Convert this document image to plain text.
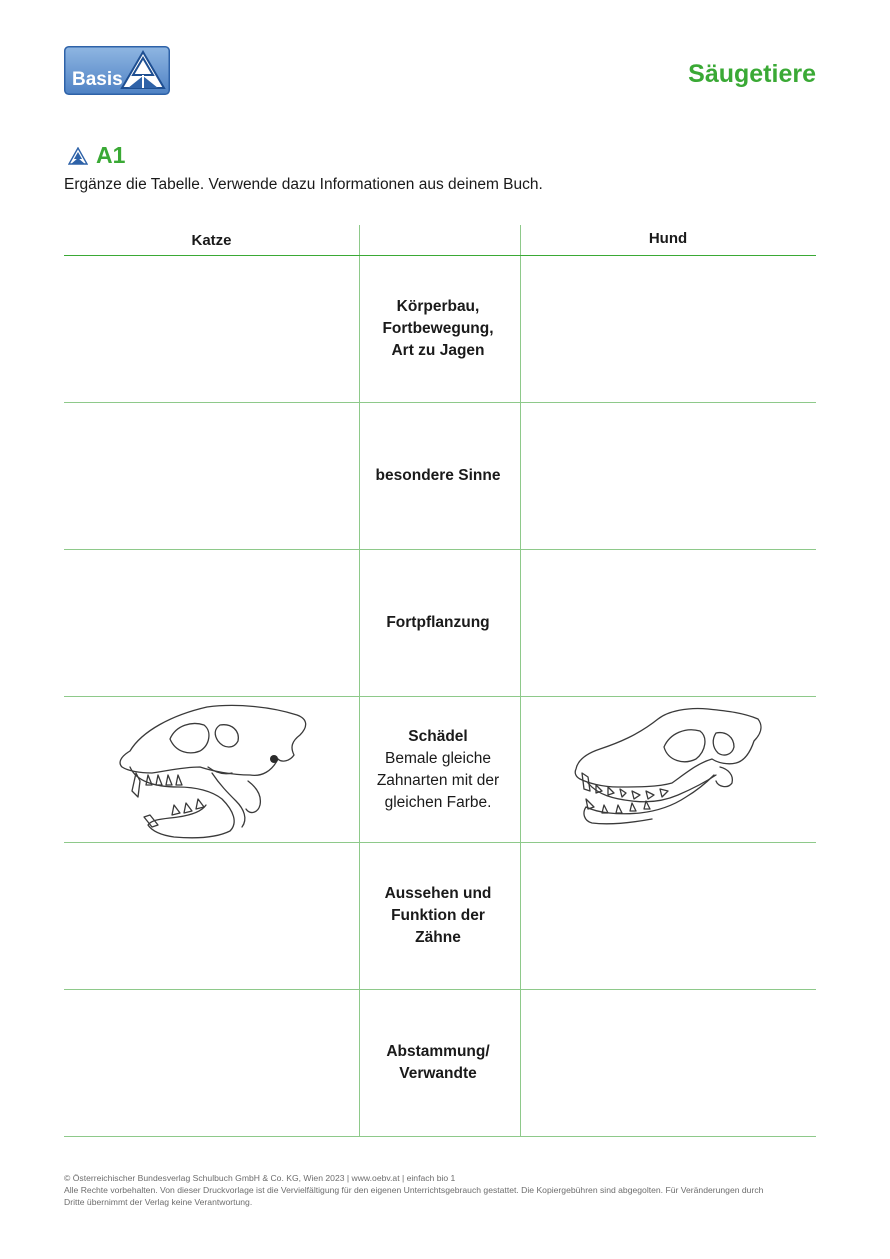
Basis	Säugetiere
A1

Ergänze die Tabelle. Verwende dazu Informationen aus deinem Buch.

Katze	Hund
Körperbau,
Fortbewegung,
Art zu Jagen
besondere Sinne
Fortpflanzung
Schädel
Bemale gleiche
Zahnarten mit der
gleichen Farbe.
Aussehen und
Funktion der
Zähne
Abstammung/
Verwandte

© Österreichischer Bundesverlag Schulbuch GmbH & Co. KG, Wien 2023 | www.oebv.at | einfach bio 1

Alle Rechte vorbehalten. Von dieser Druckvorlage ist die Vervielfältigung für den eigenen Unterrichtsgebrauch gestattet. Die Kopiergebühren sind abgegolten. Für Veränderungen durch

Dritte übernimmt der Verlag keine Verantwortung.
